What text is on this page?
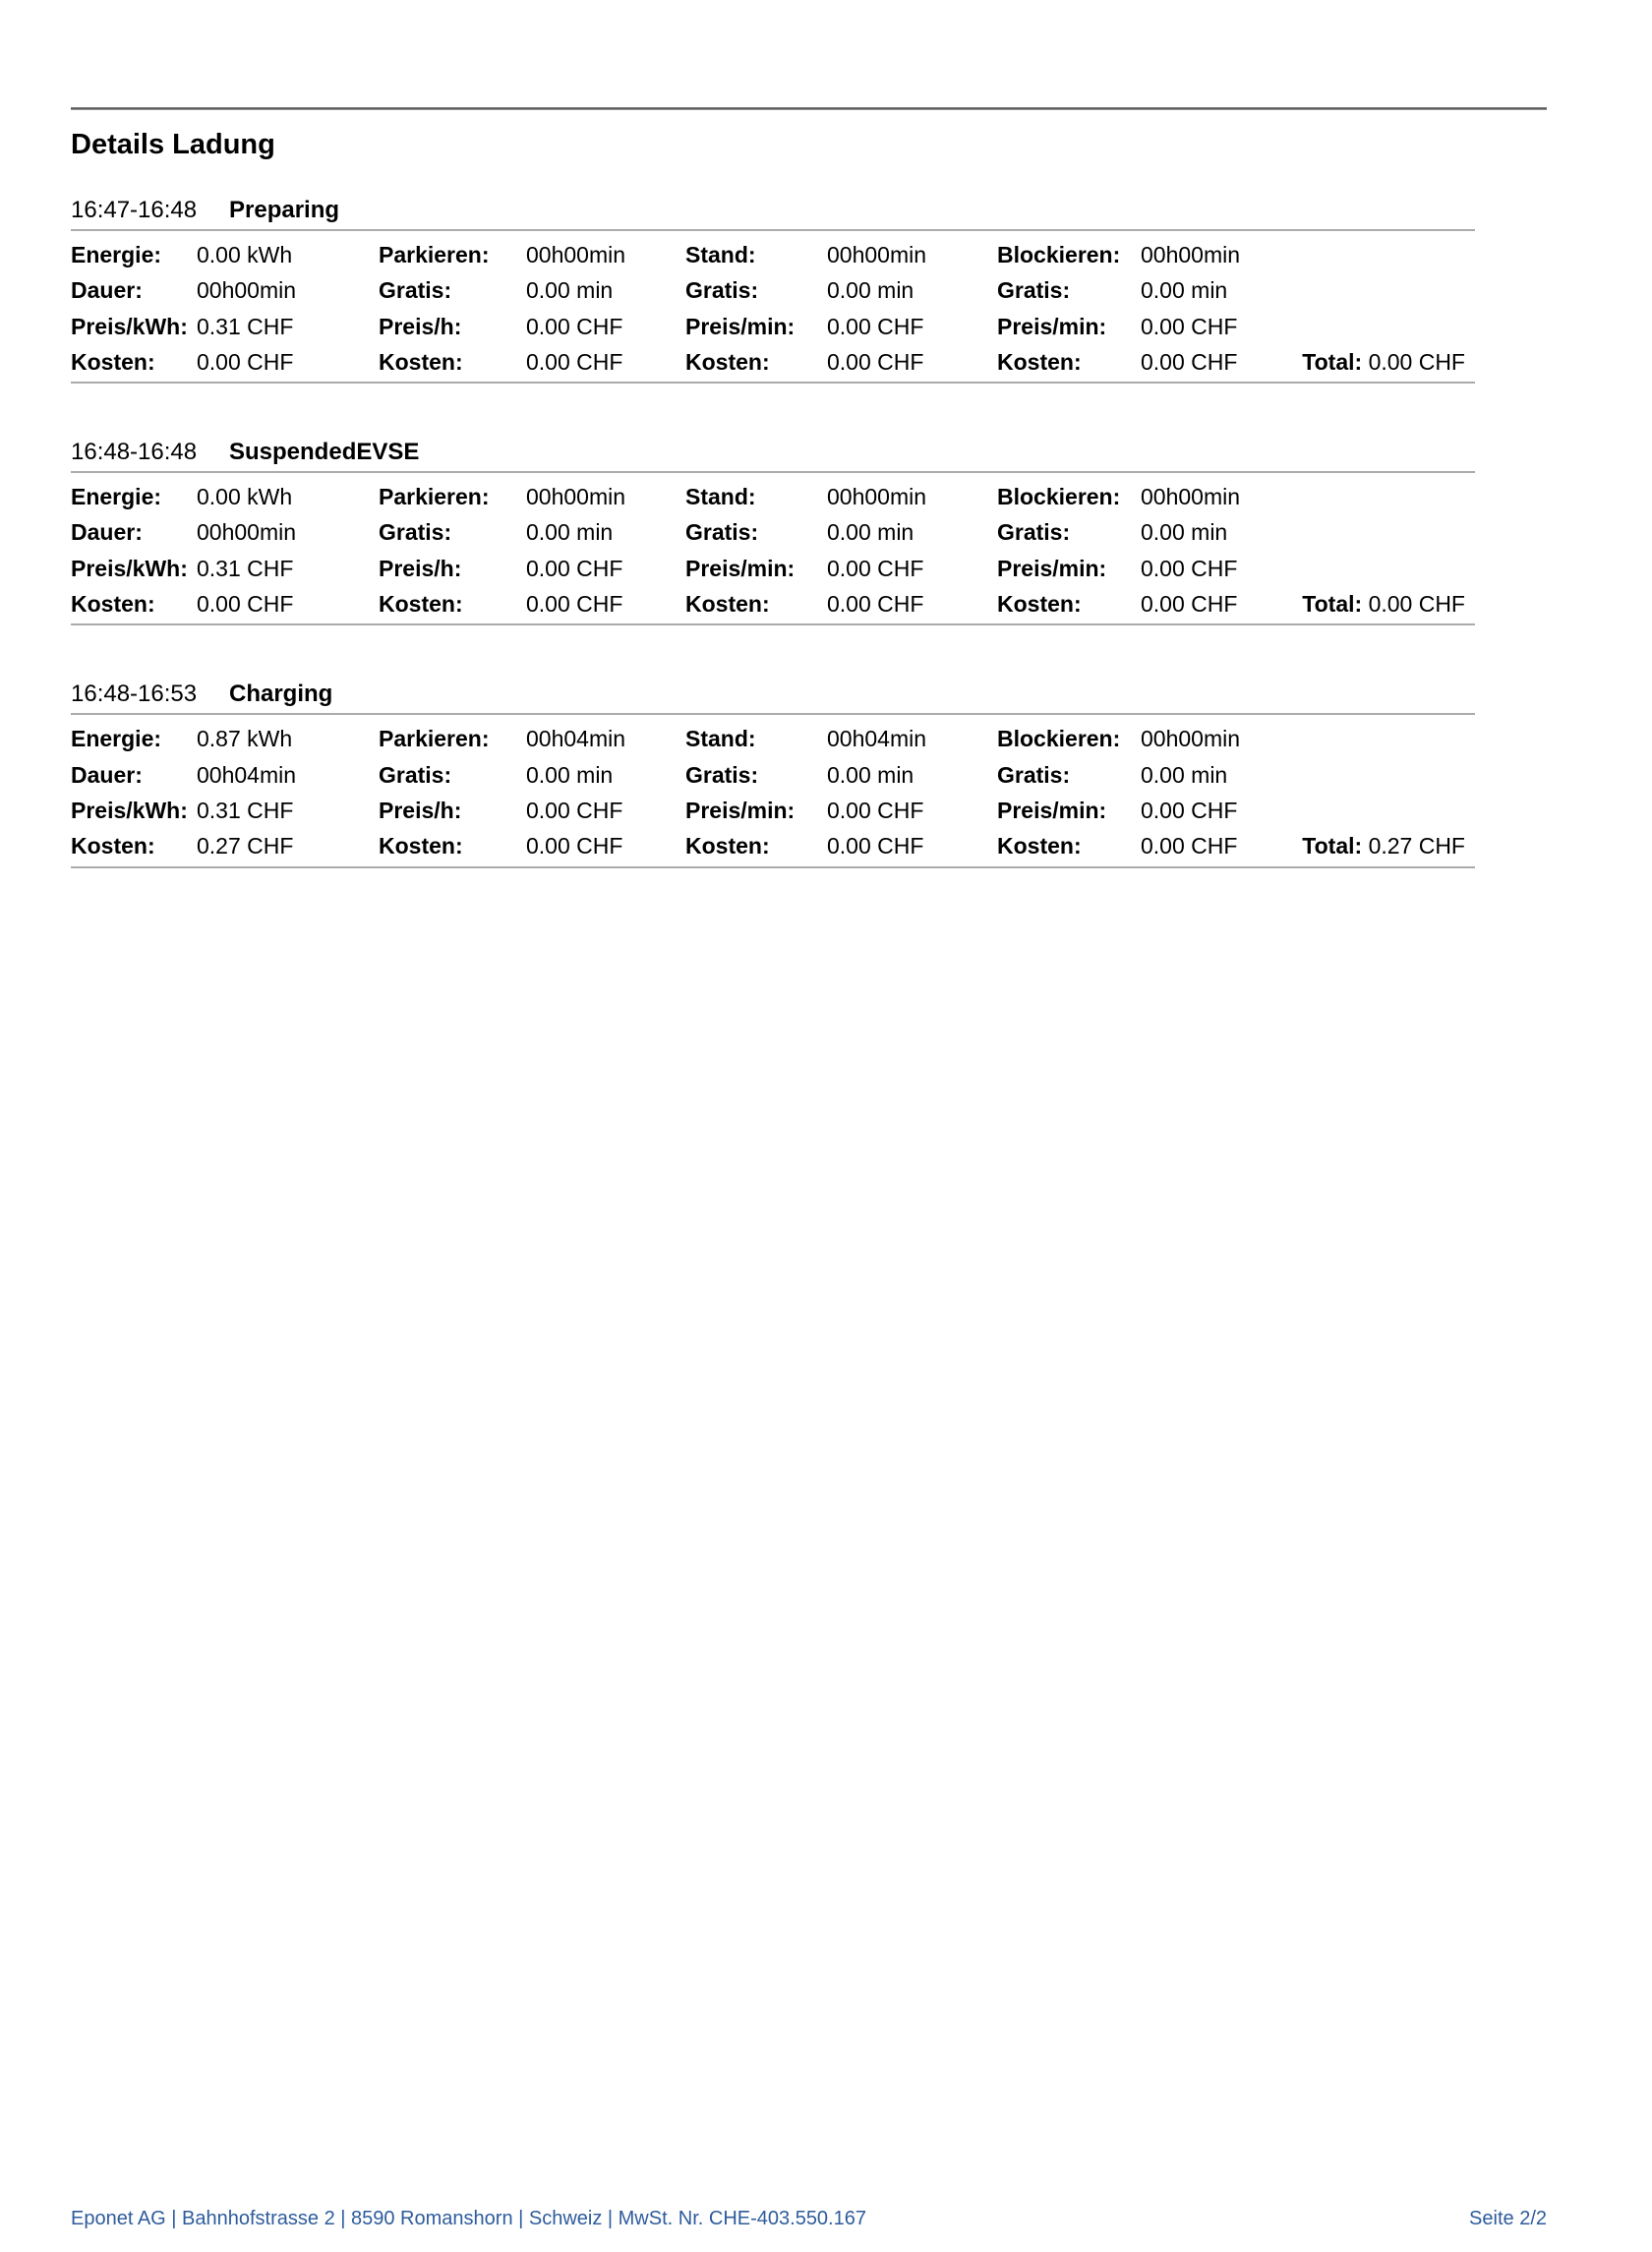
Details Ladung
16:47-16:48	Preparing
Energie:	0.00 kWh	Parkieren:	00h00min	Stand:	00h00min	Blockieren: 00h00min
Dauer:	00h00min	Gratis:	0.00 min	Gratis:	0.00 min	Gratis:	0.00 min
Preis/kWh: 0.31 CHF	Preis/h:	0.00 CHF	Preis/min:	0.00 CHF	Preis/min:	0.00 CHF
Kosten:	0.00 CHF	Kosten:	0.00 CHF	Kosten:	0.00 CHF	Kosten:	0.00 CHF	Total: 0.00 CHF
16:48-16:48	SuspendedEVSE
Energie:	0.00 kWh	Parkieren:	00h00min	Stand:	00h00min	Blockieren: 00h00min
Dauer:	00h00min	Gratis:	0.00 min	Gratis:	0.00 min	Gratis:	0.00 min
Preis/kWh: 0.31 CHF	Preis/h:	0.00 CHF	Preis/min:	0.00 CHF	Preis/min:	0.00 CHF
Kosten:	0.00 CHF	Kosten:	0.00 CHF	Kosten:	0.00 CHF	Kosten:	0.00 CHF	Total: 0.00 CHF
16:48-16:53	Charging
Energie:	0.87 kWh	Parkieren:	00h04min	Stand:	00h04min	Blockieren: 00h00min
Dauer:	00h04min	Gratis:	0.00 min	Gratis:	0.00 min	Gratis:	0.00 min
Preis/kWh: 0.31 CHF	Preis/h:	0.00 CHF	Preis/min:	0.00 CHF	Preis/min:	0.00 CHF
Kosten:	0.27 CHF	Kosten:	0.00 CHF	Kosten:	0.00 CHF	Kosten:	0.00 CHF	Total: 0.27 CHF
Eponet AG | Bahnhofstrasse 2 | 8590 Romanshorn | Schweiz | MwSt. Nr. CHE-403.550.167	Seite 2/2
